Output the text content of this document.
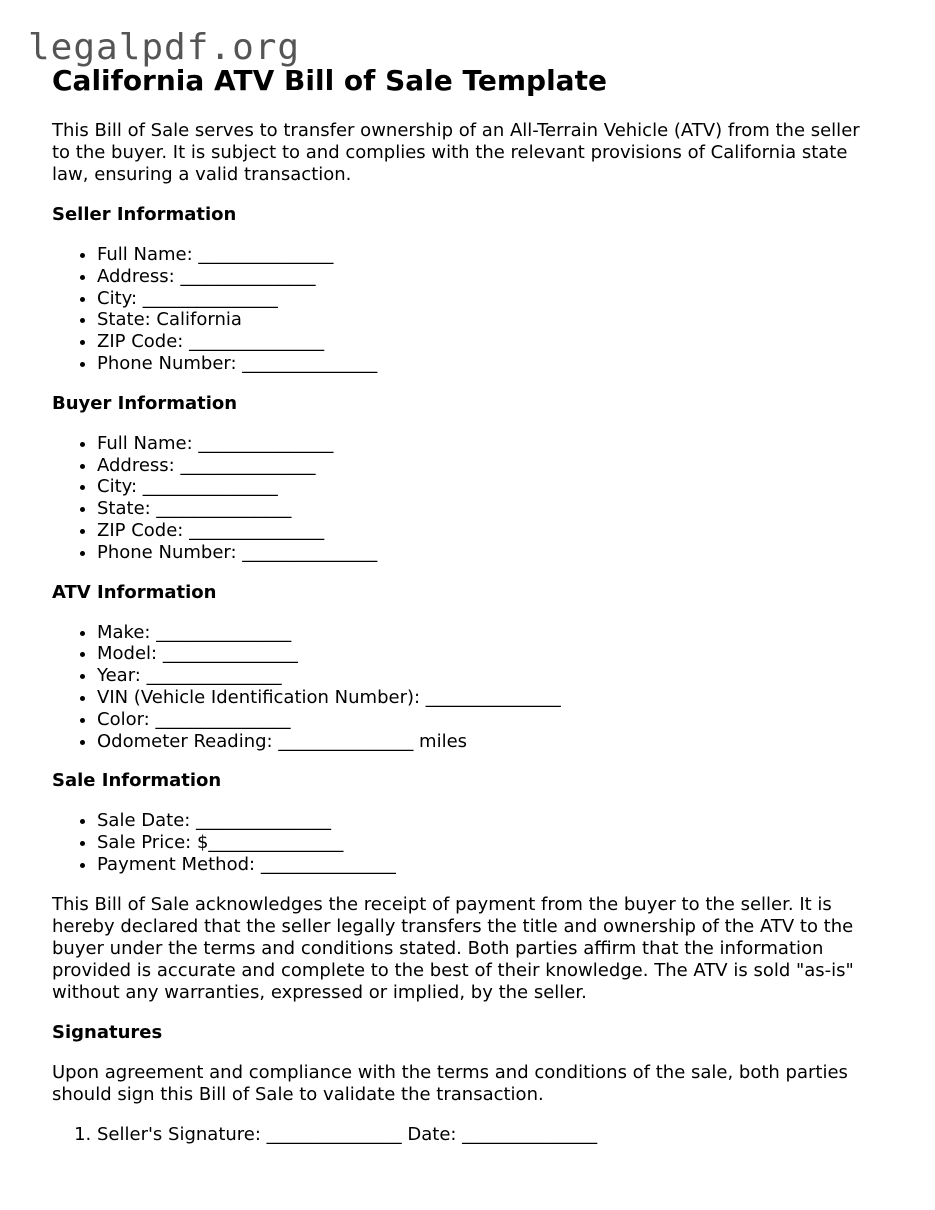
legalpdf.org
California ATV Bill of Sale Template

This Bill of Sale serves to transfer ownership of an All-Terrain Vehicle (ATV) from the seller to the buyer. It is subject to and complies with the relevant provisions of California state law, ensuring a valid transaction.

Seller Information
• Full Name: _______________
• Address: _______________
• City: _______________
• State: California
• ZIP Code: _______________
• Phone Number: _______________
Buyer Information
• Full Name: _______________
• Address: _______________
• City: _______________
• State: _______________
• ZIP Code: _______________
• Phone Number: _______________
ATV Information
• Make: _______________
• Model: _______________
• Year: _______________
• VIN (Vehicle Identification Number): _______________
• Color: _______________
• Odometer Reading: _______________ miles
Sale Information
• Sale Date: _______________
• Sale Price: $_______________
• Payment Method: _______________

This Bill of Sale acknowledges the receipt of payment from the buyer to the seller. It is hereby declared that the seller legally transfers the title and ownership of the ATV to the buyer under the terms and conditions stated. Both parties affirm that the information provided is accurate and complete to the best of their knowledge. The ATV is sold "as-is" without any warranties, expressed or implied, by the seller.

Signatures

Upon agreement and compliance with the terms and conditions of the sale, both parties should sign this Bill of Sale to validate the transaction.

1. Seller's Signature: _______________ Date: _______________
